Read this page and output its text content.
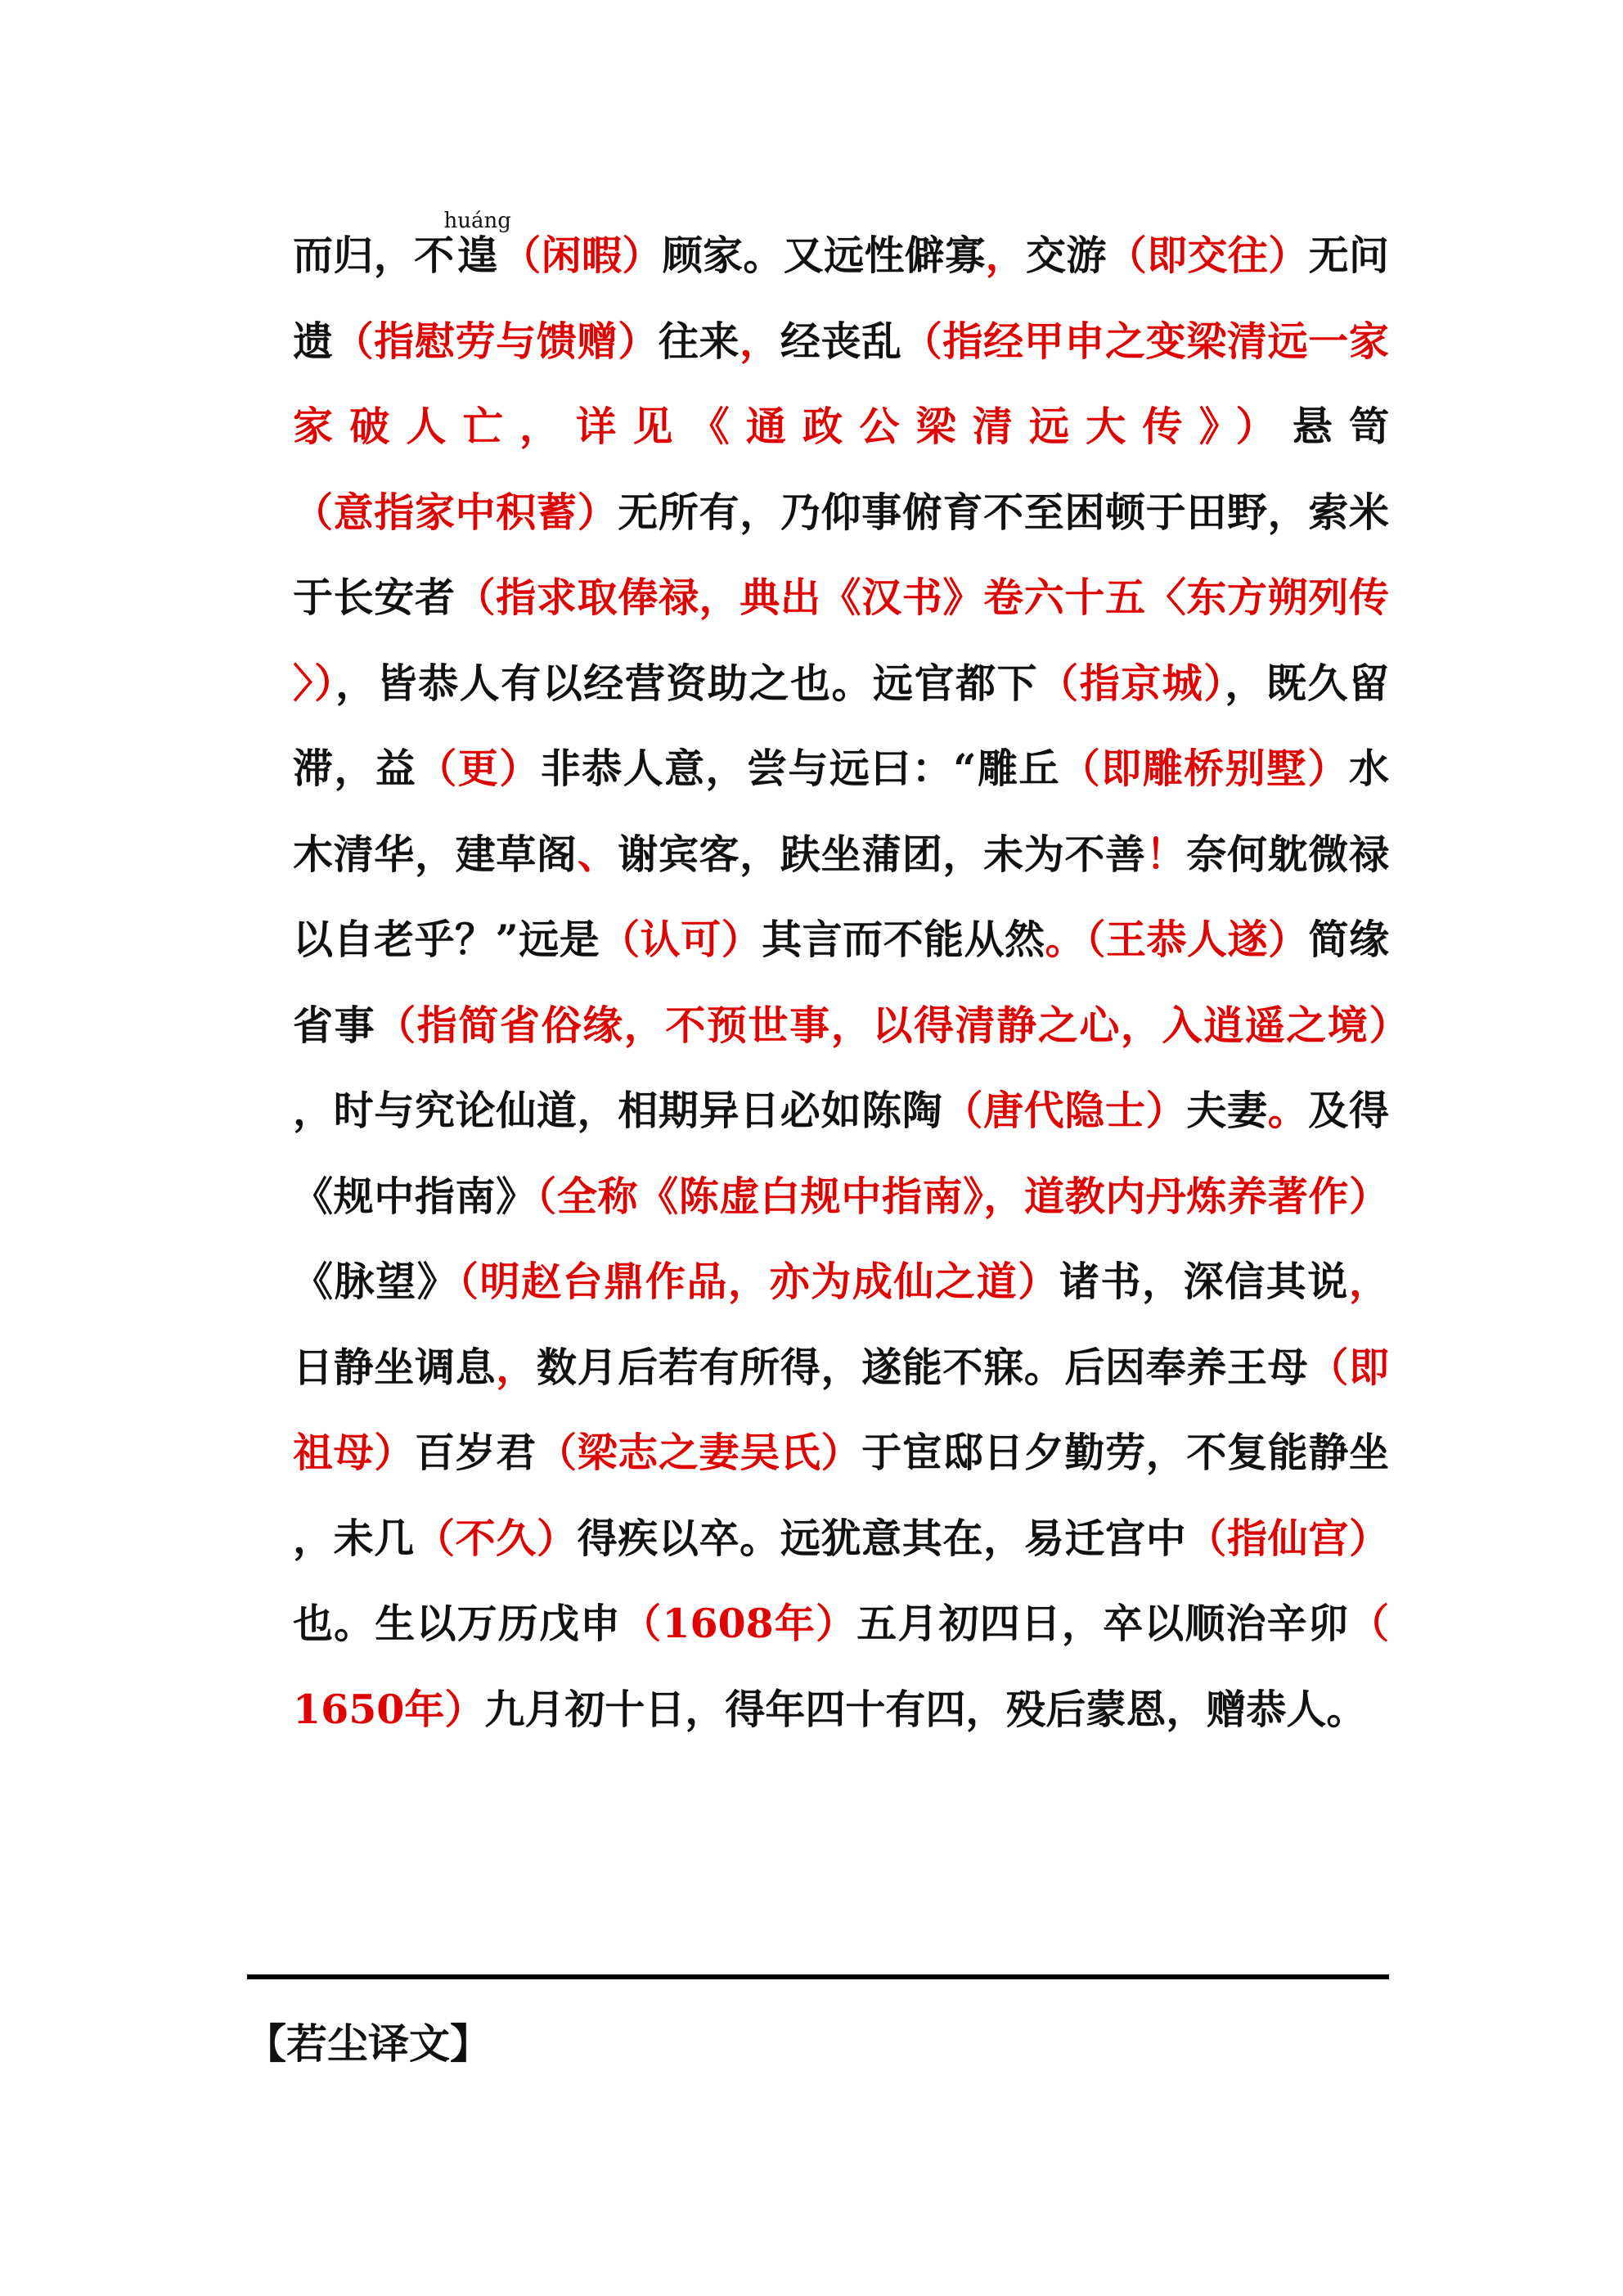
而归，不遑huáng（闲暇）顾家。又远性僻寡，交游（即交往）无问遗（指慰劳与馈赠）往来，经丧乱（指经甲申之变梁清远一家家破人亡，详见《通政公梁清远大传》）悬笥（意指家中积蓄）无所有，乃仰事俯育不至困顿于田野，索米于长安者（指求取俸禄，典出《汉书》卷六十五〈东方朔列传〉），皆恭人有以经营资助之也。远官都下（指京城），既久留滞，益（更）非恭人意，尝与远曰：“雕丘（即雕桥别墅）水木清华，建草阁、谢宾客，趺坐蒲团，未为不善！奈何躭微禄以自老乎？”远是（认可）其言而不能从然。（王恭人遂）简缘省事（指简省俗缘，不预世事，以得清静之心，入逍遥之境），时与究论仙道，相期异日必如陈陶（唐代隐士）夫妻。及得《规中指南》（全称《陈虚白规中指南》，道教内丹炼养著作）《脉望》（明赵台鼎作品，亦为成仙之道）诸书，深信其说，日静坐调息，数月后若有所得，遂能不寐。后因奉养王母（即祖母）百岁君（梁志之妻吴氏）于宦邸日夕勤劳，不复能静坐，未几（不久）得疾以卒。远犹意其在，易迁宫中（指仙宫）也。生以万历戊申（1608年）五月初四日，卒以顺治辛卯（1650年）九月初十日，得年四十有四，殁后蒙恩，赠恭人。
【若尘译文】
